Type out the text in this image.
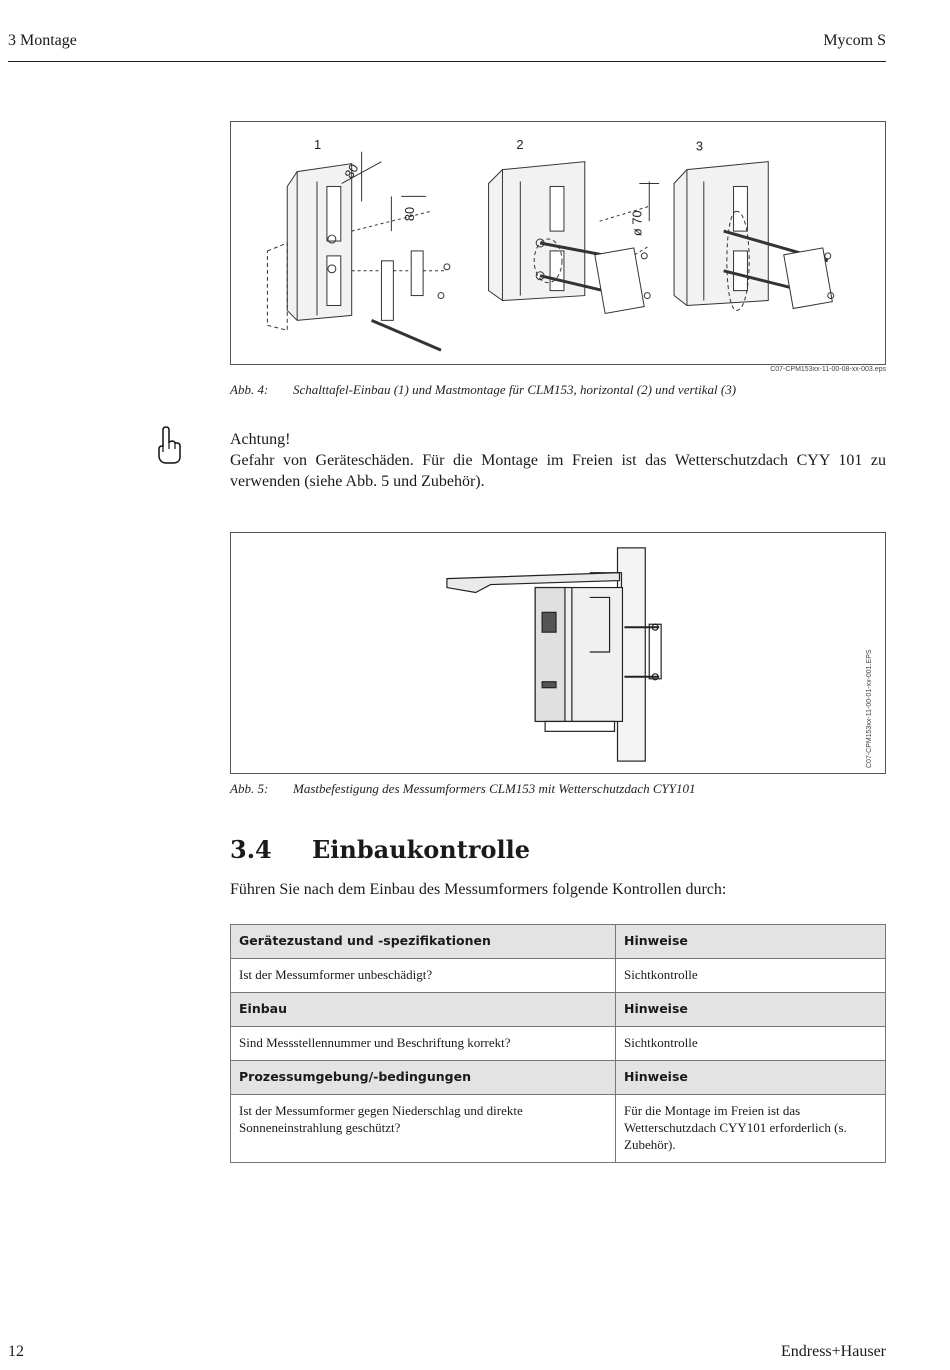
3 Montage	Mycom S
1	2	3
80
80	ø 70
C07-CPM153xx-11-00-08-xx-003.eps
Abb. 4: Schalttafel-Einbau (1) und Mastmontage für CLM153, horizontal (2) und vertikal (3)
Achtung!
Gefahr von Geräteschäden. Für die Montage im Freien ist das Wetterschutzdach CYY 101 zu verwenden (siehe Abb. 5 und Zubehör).
C07-CPM153xx-11-00-01-xx-001.EPS
Abb. 5: Mastbefestigung des Messumformers CLM153 mit Wetterschutzdach CYY101
3.4 Einbaukontrolle
Führen Sie nach dem Einbau des Messumformers folgende Kontrollen durch:
Gerätezustand und -spezifikationen	Hinweise
Ist der Messumformer unbeschädigt?	Sichtkontrolle
Einbau	Hinweise
Sind Messstellennummer und Beschriftung korrekt?	Sichtkontrolle
Prozessumgebung/-bedingungen	Hinweise
Ist der Messumformer gegen Niederschlag und direkte Sonneneinstrahlung geschützt?	Für die Montage im Freien ist das Wetterschutzdach CYY101 erforderlich (s. Zubehör).
12	Endress+Hauser
